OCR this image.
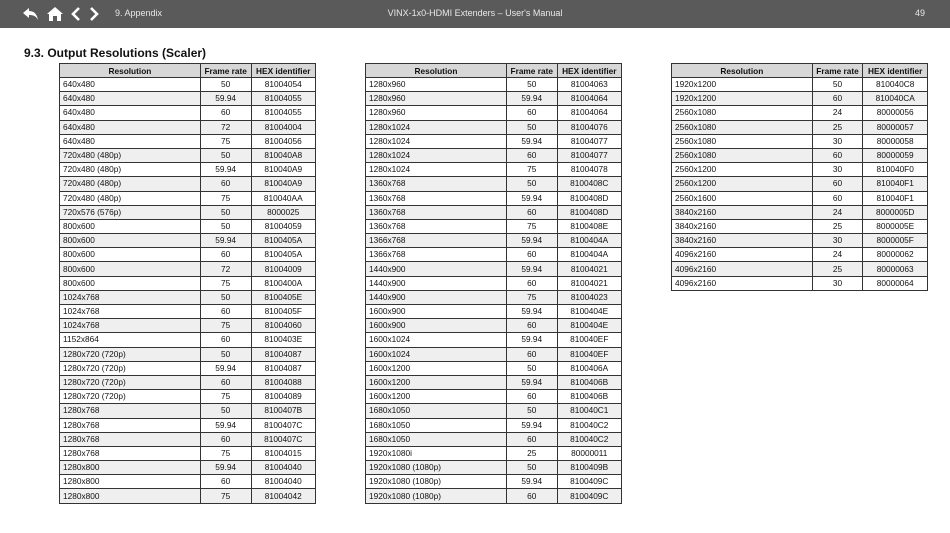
9. Appendix	VINX-1x0-HDMI Extenders – User's Manual	49
9.3. Output Resolutions (Scaler)
Resolution	Frame rate	HEX identifier
640x480	50	81004054
640x480	59.94	81004055
640x480	60	81004055
640x480	72	81004004
640x480	75	81004056
720x480 (480p)	50	810040A8
720x480 (480p)	59.94	810040A9
720x480 (480p)	60	810040A9
720x480 (480p)	75	810040AA
720x576 (576p)	50	8000025
800x600	50	81004059
800x600	59.94	8100405A
800x600	60	8100405A
800x600	72	81004009
800x600	75	8100400A
1024x768	50	8100405E
1024x768	60	8100405F
1024x768	75	81004060
1152x864	60	8100403E
1280x720 (720p)	50	81004087
1280x720 (720p)	59.94	81004087
1280x720 (720p)	60	81004088
1280x720 (720p)	75	81004089
1280x768	50	8100407B
1280x768	59.94	8100407C
1280x768	60	8100407C
1280x768	75	81004015
1280x800	59.94	81004040
1280x800	60	81004040
1280x800	75	81004042
Resolution	Frame rate	HEX identifier
1280x960	50	81004063
1280x960	59.94	81004064
1280x960	60	81004064
1280x1024	50	81004076
1280x1024	59.94	81004077
1280x1024	60	81004077
1280x1024	75	81004078
1360x768	50	8100408C
1360x768	59.94	8100408D
1360x768	60	8100408D
1360x768	75	8100408E
1366x768	59.94	8100404A
1366x768	60	8100404A
1440x900	59.94	81004021
1440x900	60	81004021
1440x900	75	81004023
1600x900	59.94	8100404E
1600x900	60	8100404E
1600x1024	59.94	810040EF
1600x1024	60	810040EF
1600x1200	50	8100406A
1600x1200	59.94	8100406B
1600x1200	60	8100406B
1680x1050	50	810040C1
1680x1050	59.94	810040C2
1680x1050	60	810040C2
1920x1080i	25	80000011
1920x1080 (1080p)	50	8100409B
1920x1080 (1080p)	59.94	8100409C
1920x1080 (1080p)	60	8100409C
Resolution	Frame rate	HEX identifier
1920x1200	50	810040C8
1920x1200	60	810040CA
2560x1080	24	80000056
2560x1080	25	80000057
2560x1080	30	80000058
2560x1080	60	80000059
2560x1200	30	810040F0
2560x1200	60	810040F1
2560x1600	60	810040F1
3840x2160	24	8000005D
3840x2160	25	8000005E
3840x2160	30	8000005F
4096x2160	24	80000062
4096x2160	25	80000063
4096x2160	30	80000064
